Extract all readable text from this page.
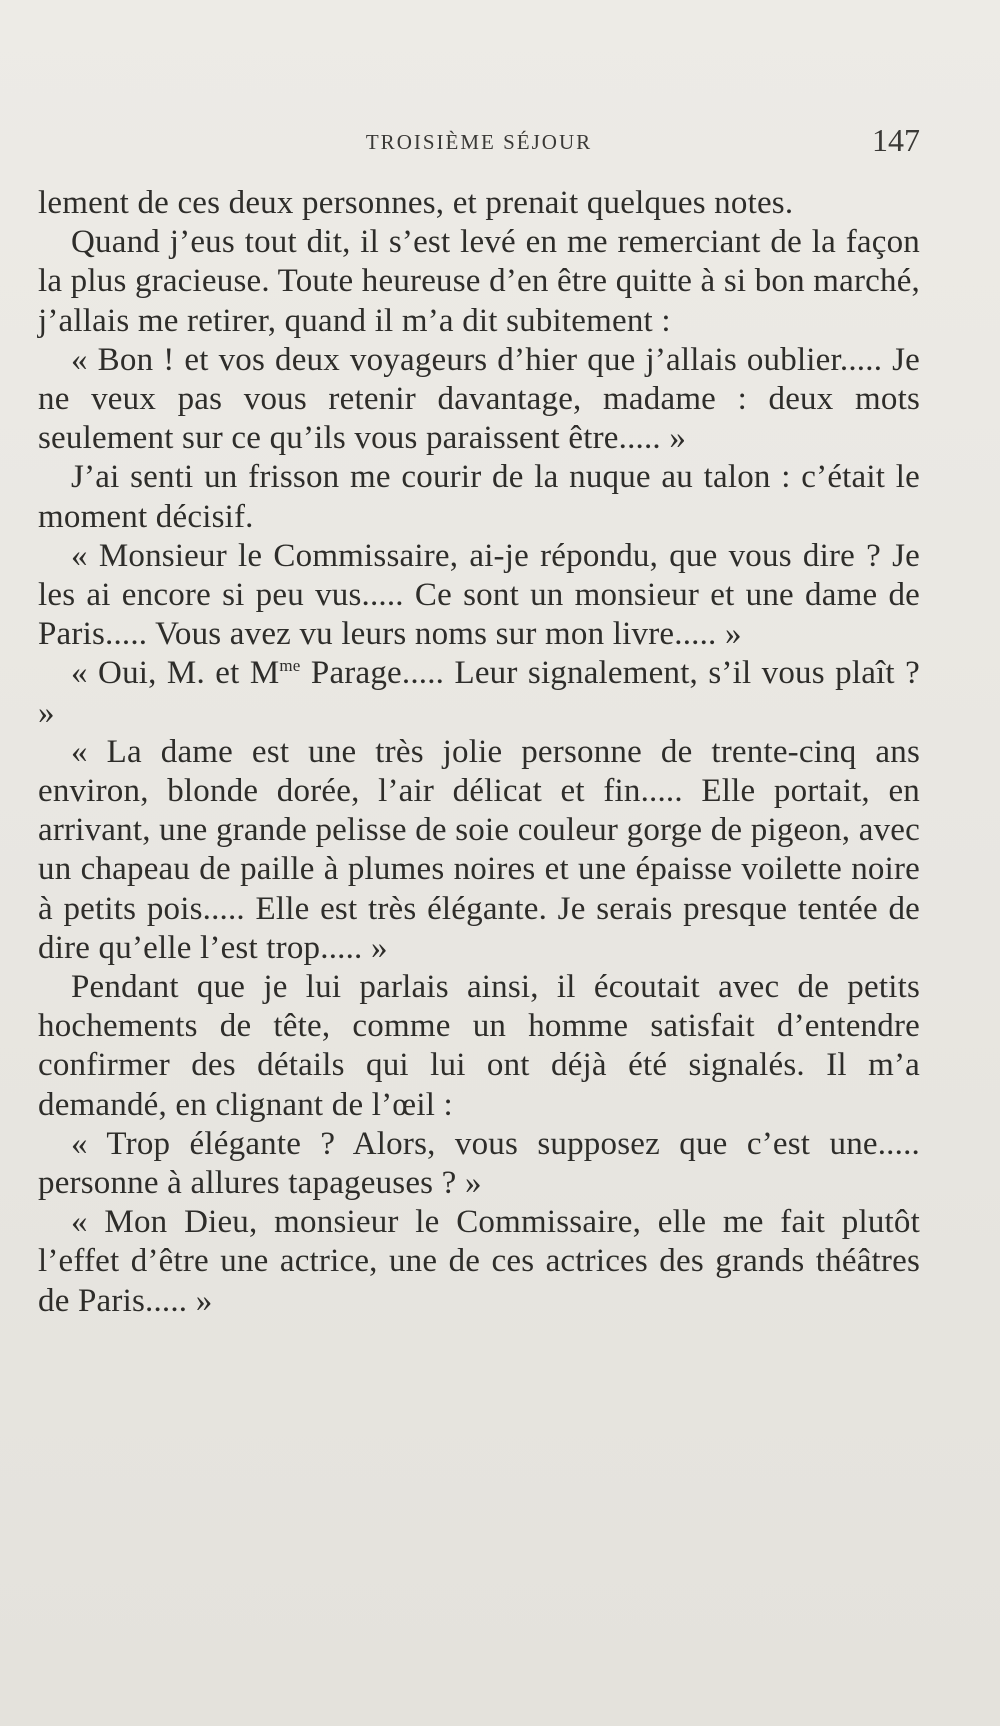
TROISIÈME SÉJOUR	147

lement de ces deux personnes, et prenait quelques notes.

Quand j’eus tout dit, il s’est levé en me remerciant de la façon la plus gracieuse. Toute heureuse d’en être quitte à si bon marché, j’allais me retirer, quand il m’a dit subitement :

« Bon ! et vos deux voyageurs d’hier que j’allais oublier..... Je ne veux pas vous retenir davantage, madame : deux mots seulement sur ce qu’ils vous paraissent être..... »

J’ai senti un frisson me courir de la nuque au talon : c’était le moment décisif.

« Monsieur le Commissaire, ai-je répondu, que vous dire ? Je les ai encore si peu vus..... Ce sont un monsieur et une dame de Paris..... Vous avez vu leurs noms sur mon livre..... »

« Oui, M. et $M^{me}$ Parage..... Leur signalement, s’il vous plaît ? »

« La dame est une très jolie personne de trente-cinq ans environ, blonde dorée, l’air délicat et fin..... Elle portait, en arrivant, une grande pelisse de soie couleur gorge de pigeon, avec un chapeau de paille à plumes noires et une épaisse voilette noire à petits pois..... Elle est très élégante. Je serais presque tentée de dire qu’elle l’est trop..... »

Pendant que je lui parlais ainsi, il écoutait avec de petits hochements de tête, comme un homme satisfait d’entendre confirmer des détails qui lui ont déjà été signalés. Il m’a demandé, en clignant de l’œil :

« Trop élégante ? Alors, vous supposez que c’est une..... personne à allures tapageuses ? »

« Mon Dieu, monsieur le Commissaire, elle me fait plutôt l’effet d’être une actrice, une de ces actrices des grands théâtres de Paris..... »
